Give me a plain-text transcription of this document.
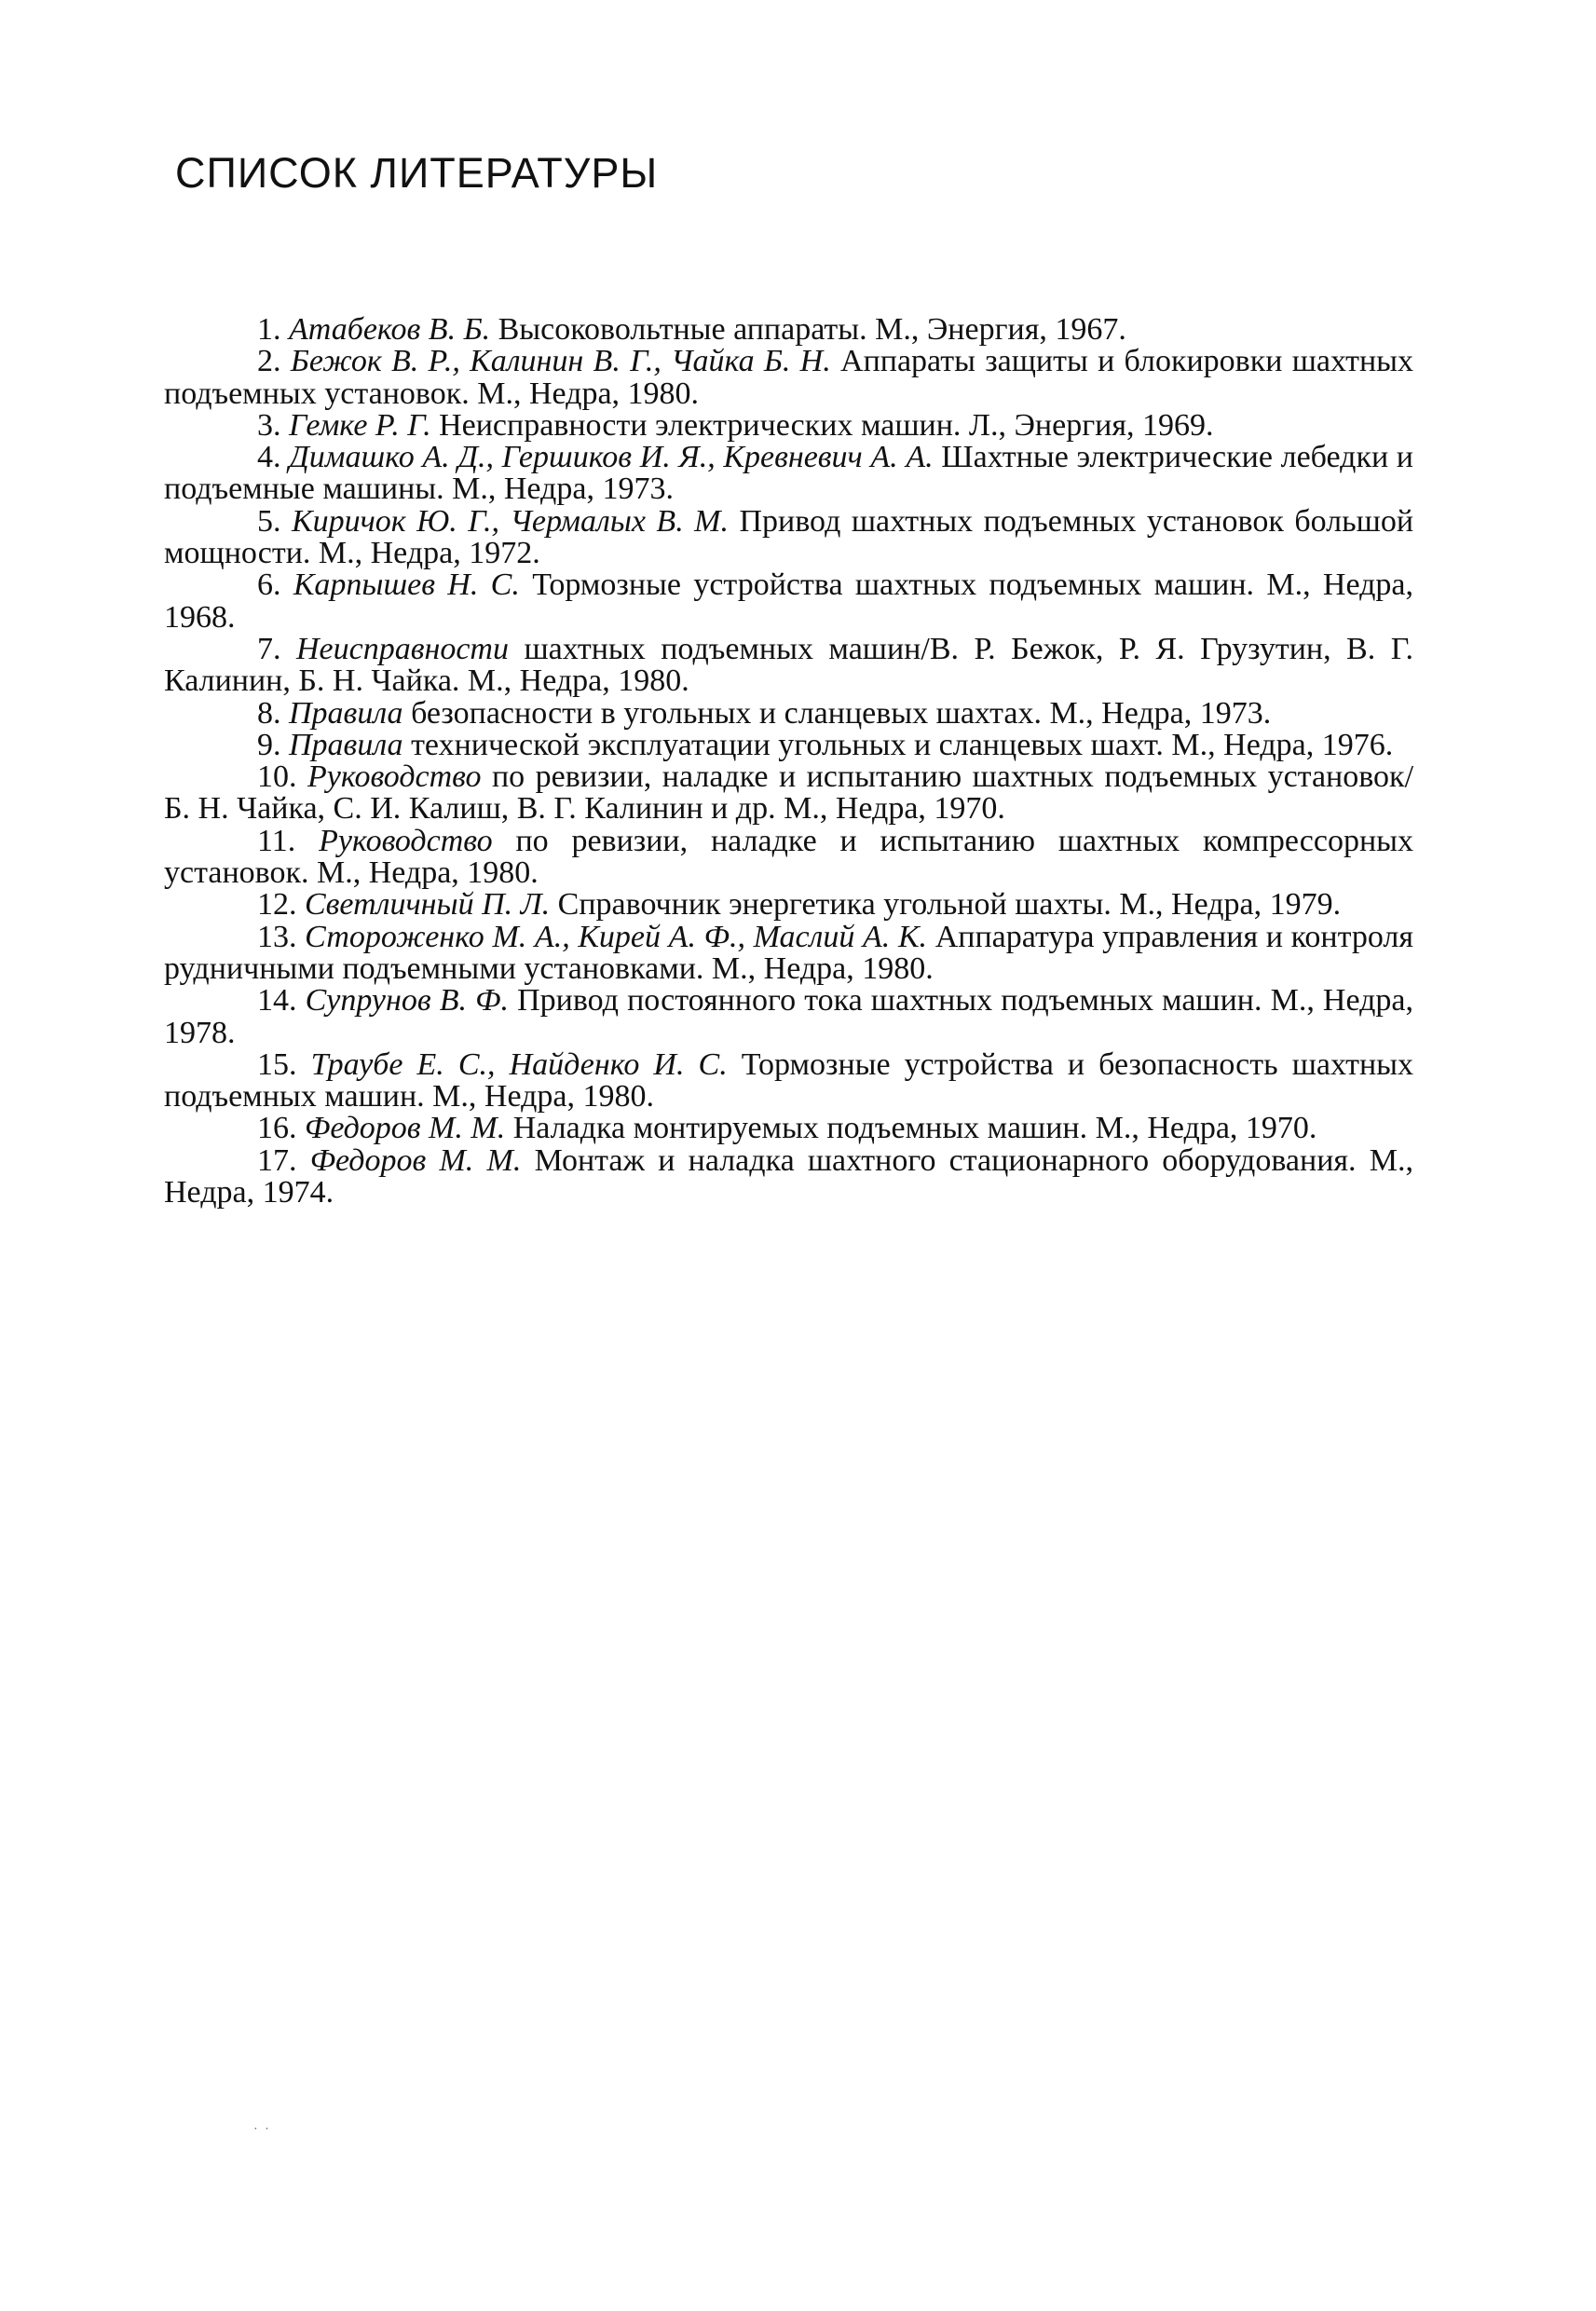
СПИСОК ЛИТЕРАТУРЫ
1. Атабеков В. Б. Высоковольтные аппараты. М., Энергия, 1967.
2. Бежок В. Р., Калинин В. Г., Чайка Б. Н. Аппараты защиты и блокировки шахтных подъемных установок. М., Недра, 1980.
3. Гемке Р. Г. Неисправности электрических машин. Л., Энергия, 1969.
4. Димашко А. Д., Гершиков И. Я., Кревневич А. А. Шахтные электрические лебедки и подъемные машины. М., Недра, 1973.
5. Киричок Ю. Г., Чермалых В. М. Привод шахтных подъемных установок большой мощности. М., Недра, 1972.
6. Карпышев Н. С. Тормозные устройства шахтных подъемных машин. М., Недра, 1968.
7. Неисправности шахтных подъемных машин/В. Р. Бежок, Р. Я. Грузутин, В. Г. Калинин, Б. Н. Чайка. М., Недра, 1980.
8. Правила безопасности в угольных и сланцевых шахтах. М., Недра, 1973.
9. Правила технической эксплуатации угольных и сланцевых шахт. М., Недра, 1976.
10. Руководство по ревизии, наладке и испытанию шахтных подъемных установок/Б. Н. Чайка, С. И. Калиш, В. Г. Калинин и др. М., Недра, 1970.
11. Руководство по ревизии, наладке и испытанию шахтных компрессорных установок. М., Недра, 1980.
12. Светличный П. Л. Справочник энергетика угольной шахты. М., Недра, 1979.
13. Стороженко М. А., Кирей А. Ф., Маслий А. К. Аппаратура управления и контроля рудничными подъемными установками. М., Недра, 1980.
14. Супрунов В. Ф. Привод постоянного тока шахтных подъемных машин. М., Недра, 1978.
15. Траубе Е. С., Найденко И. С. Тормозные устройства и безопасность шахтных подъемных машин. М., Недра, 1980.
16. Федоров М. М. Наладка монтируемых подъемных машин. М., Недра, 1970.
17. Федоров М. М. Монтаж и наладка шахтного стационарного оборудования. М., Недра, 1974.
· ·
